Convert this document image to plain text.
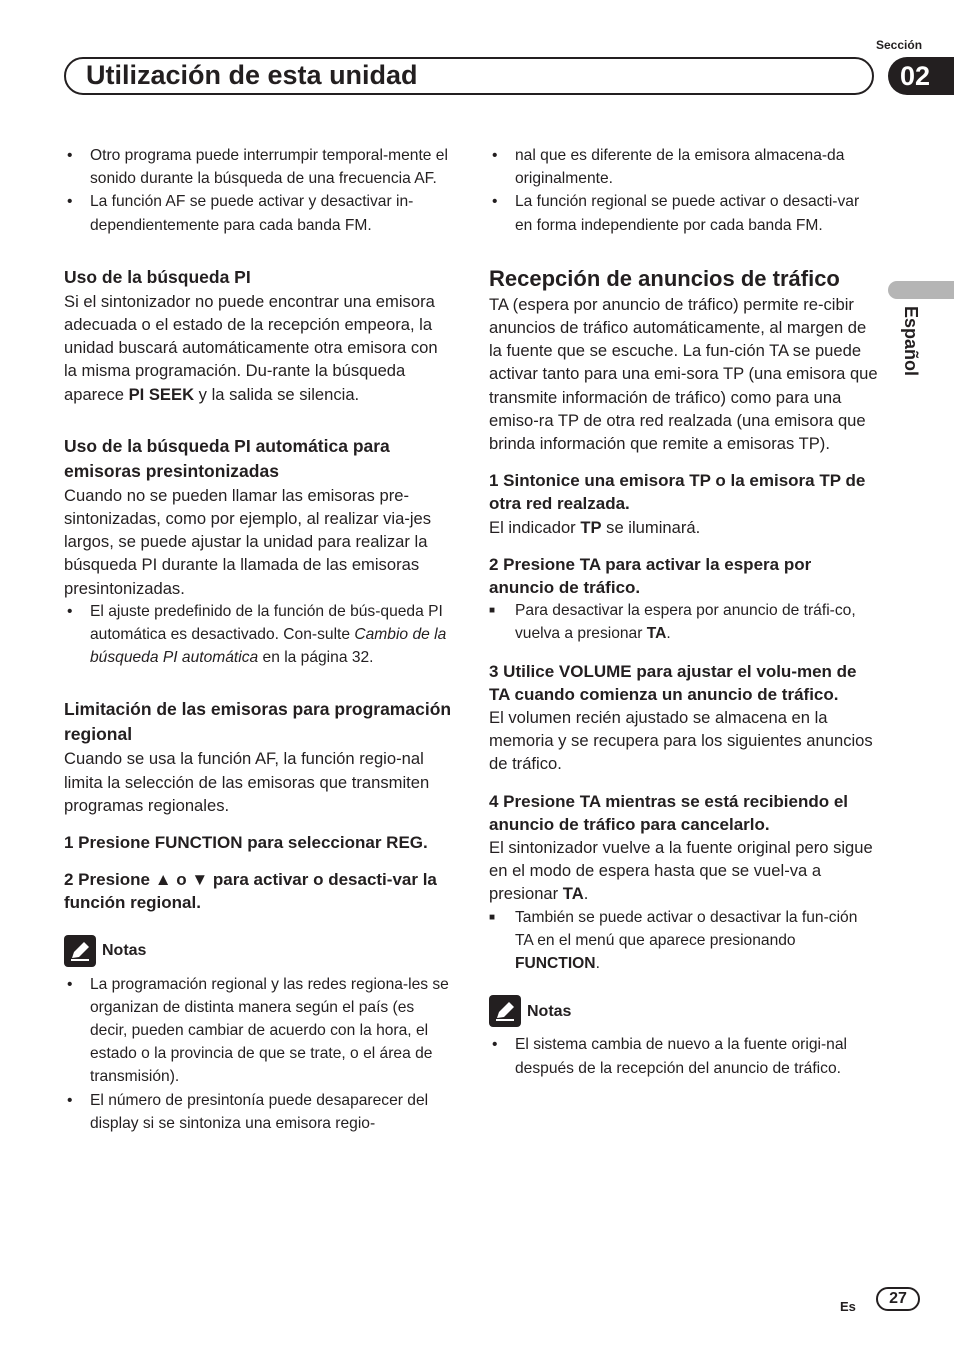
Sección
Utilización de esta unidad	02
Español
• Otro programa puede interrumpir temporal-mente el sonido durante la búsqueda de una frecuencia AF.
• La función AF se puede activar y desactivar in-dependientemente para cada banda FM.
Uso de la búsqueda PI

Si el sintonizador no puede encontrar una emisora adecuada o el estado de la recepción empeora, la unidad buscará automáticamente otra emisora con la misma programación. Du-rante la búsqueda aparece PI SEEK y la salida se silencia.

Uso de la búsqueda PI automática para emisoras presintonizadas

Cuando no se pueden llamar las emisoras pre-sintonizadas, como por ejemplo, al realizar via-jes largos, se puede ajustar la unidad para realizar la búsqueda PI durante la llamada de las emisoras presintonizadas.

• El ajuste predefinido de la función de bús-queda PI automática es desactivado. Con-sulte Cambio de la búsqueda PI automática en la página 32.
Limitación de las emisoras para programación regional

Cuando se usa la función AF, la función regio-nal limita la selección de las emisoras que transmiten programas regionales.

1 Presione FUNCTION para seleccionar REG.
2 Presione ▲ o ▼ para activar o desacti-var la función regional.
Notas
• La programación regional y las redes regiona-les se organizan de distinta manera según el país (es decir, pueden cambiar de acuerdo con la hora, el estado o la provincia de que se trate, o el área de transmisión).
• El número de presintonía puede desaparecer del display si se sintoniza una emisora regio-
• nal que es diferente de la emisora almacena-da originalmente.
• La función regional se puede activar o desacti-var en forma independiente por cada banda FM.
Recepción de anuncios de tráfico

TA (espera por anuncio de tráfico) permite re-cibir anuncios de tráfico automáticamente, al margen de la fuente que se escuche. La fun-ción TA se puede activar tanto para una emi-sora TP (una emisora que transmite información de tráfico) como para una emiso-ra TP de otra red realzada (una emisora que brinda información que remite a emisoras TP).

1 Sintonice una emisora TP o la emisora TP de otra red realzada.

El indicador TP se iluminará.

2 Presione TA para activar la espera por anuncio de tráfico.
■ Para desactivar la espera por anuncio de tráfi-co, vuelva a presionar TA.
3 Utilice VOLUME para ajustar el volu-men de TA cuando comienza un anuncio de tráfico.

El volumen recién ajustado se almacena en la memoria y se recupera para los siguientes anuncios de tráfico.

4 Presione TA mientras se está recibiendo el anuncio de tráfico para cancelarlo.

El sintonizador vuelve a la fuente original pero sigue en el modo de espera hasta que se vuel-va a presionar TA.

■ También se puede activar o desactivar la fun-ción TA en el menú que aparece presionando FUNCTION.
Notas
• El sistema cambia de nuevo a la fuente origi-nal después de la recepción del anuncio de tráfico.
Es	27
